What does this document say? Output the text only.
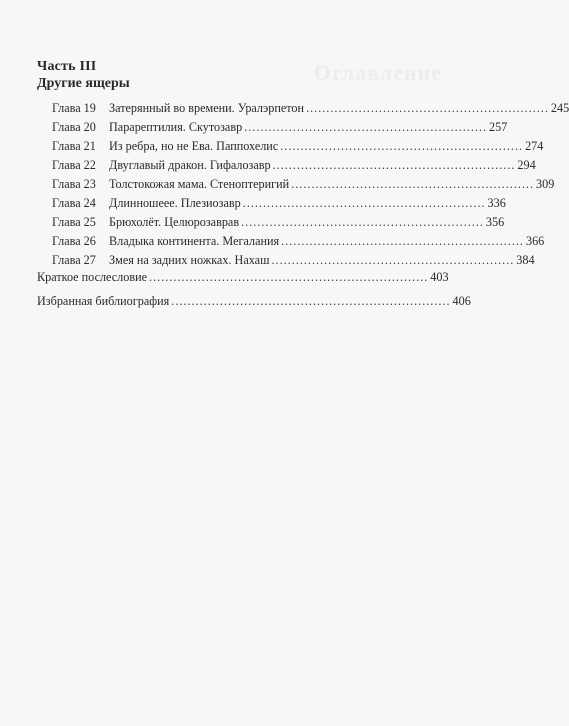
Оглавление
Часть III
Другие ящеры
Глава 19	Затерянный во времени. Уралэрпетон ............................................................ 245
Глава 20	Парарептилия. Скутозавр ............................................................ 257
Глава 21	Из ребра, но не Ева. Паппохелис ............................................................ 274
Глава 22	Двуглавый дракон. Гифалозавр ............................................................ 294
Глава 23	Толстокожая мама. Стеноптеригий ............................................................ 309
Глава 24	Длинношеее. Плезиозавр ............................................................ 336
Глава 25	Брюхолёт. Целюрозаврав ............................................................ 356
Глава 26	Владыка континента. Мегалания ............................................................ 366
Глава 27	Змея на задних ножках. Нахаш ............................................................ 384
Краткое послесловие ..................................................................... 403
Избранная библиография ..................................................................... 406
